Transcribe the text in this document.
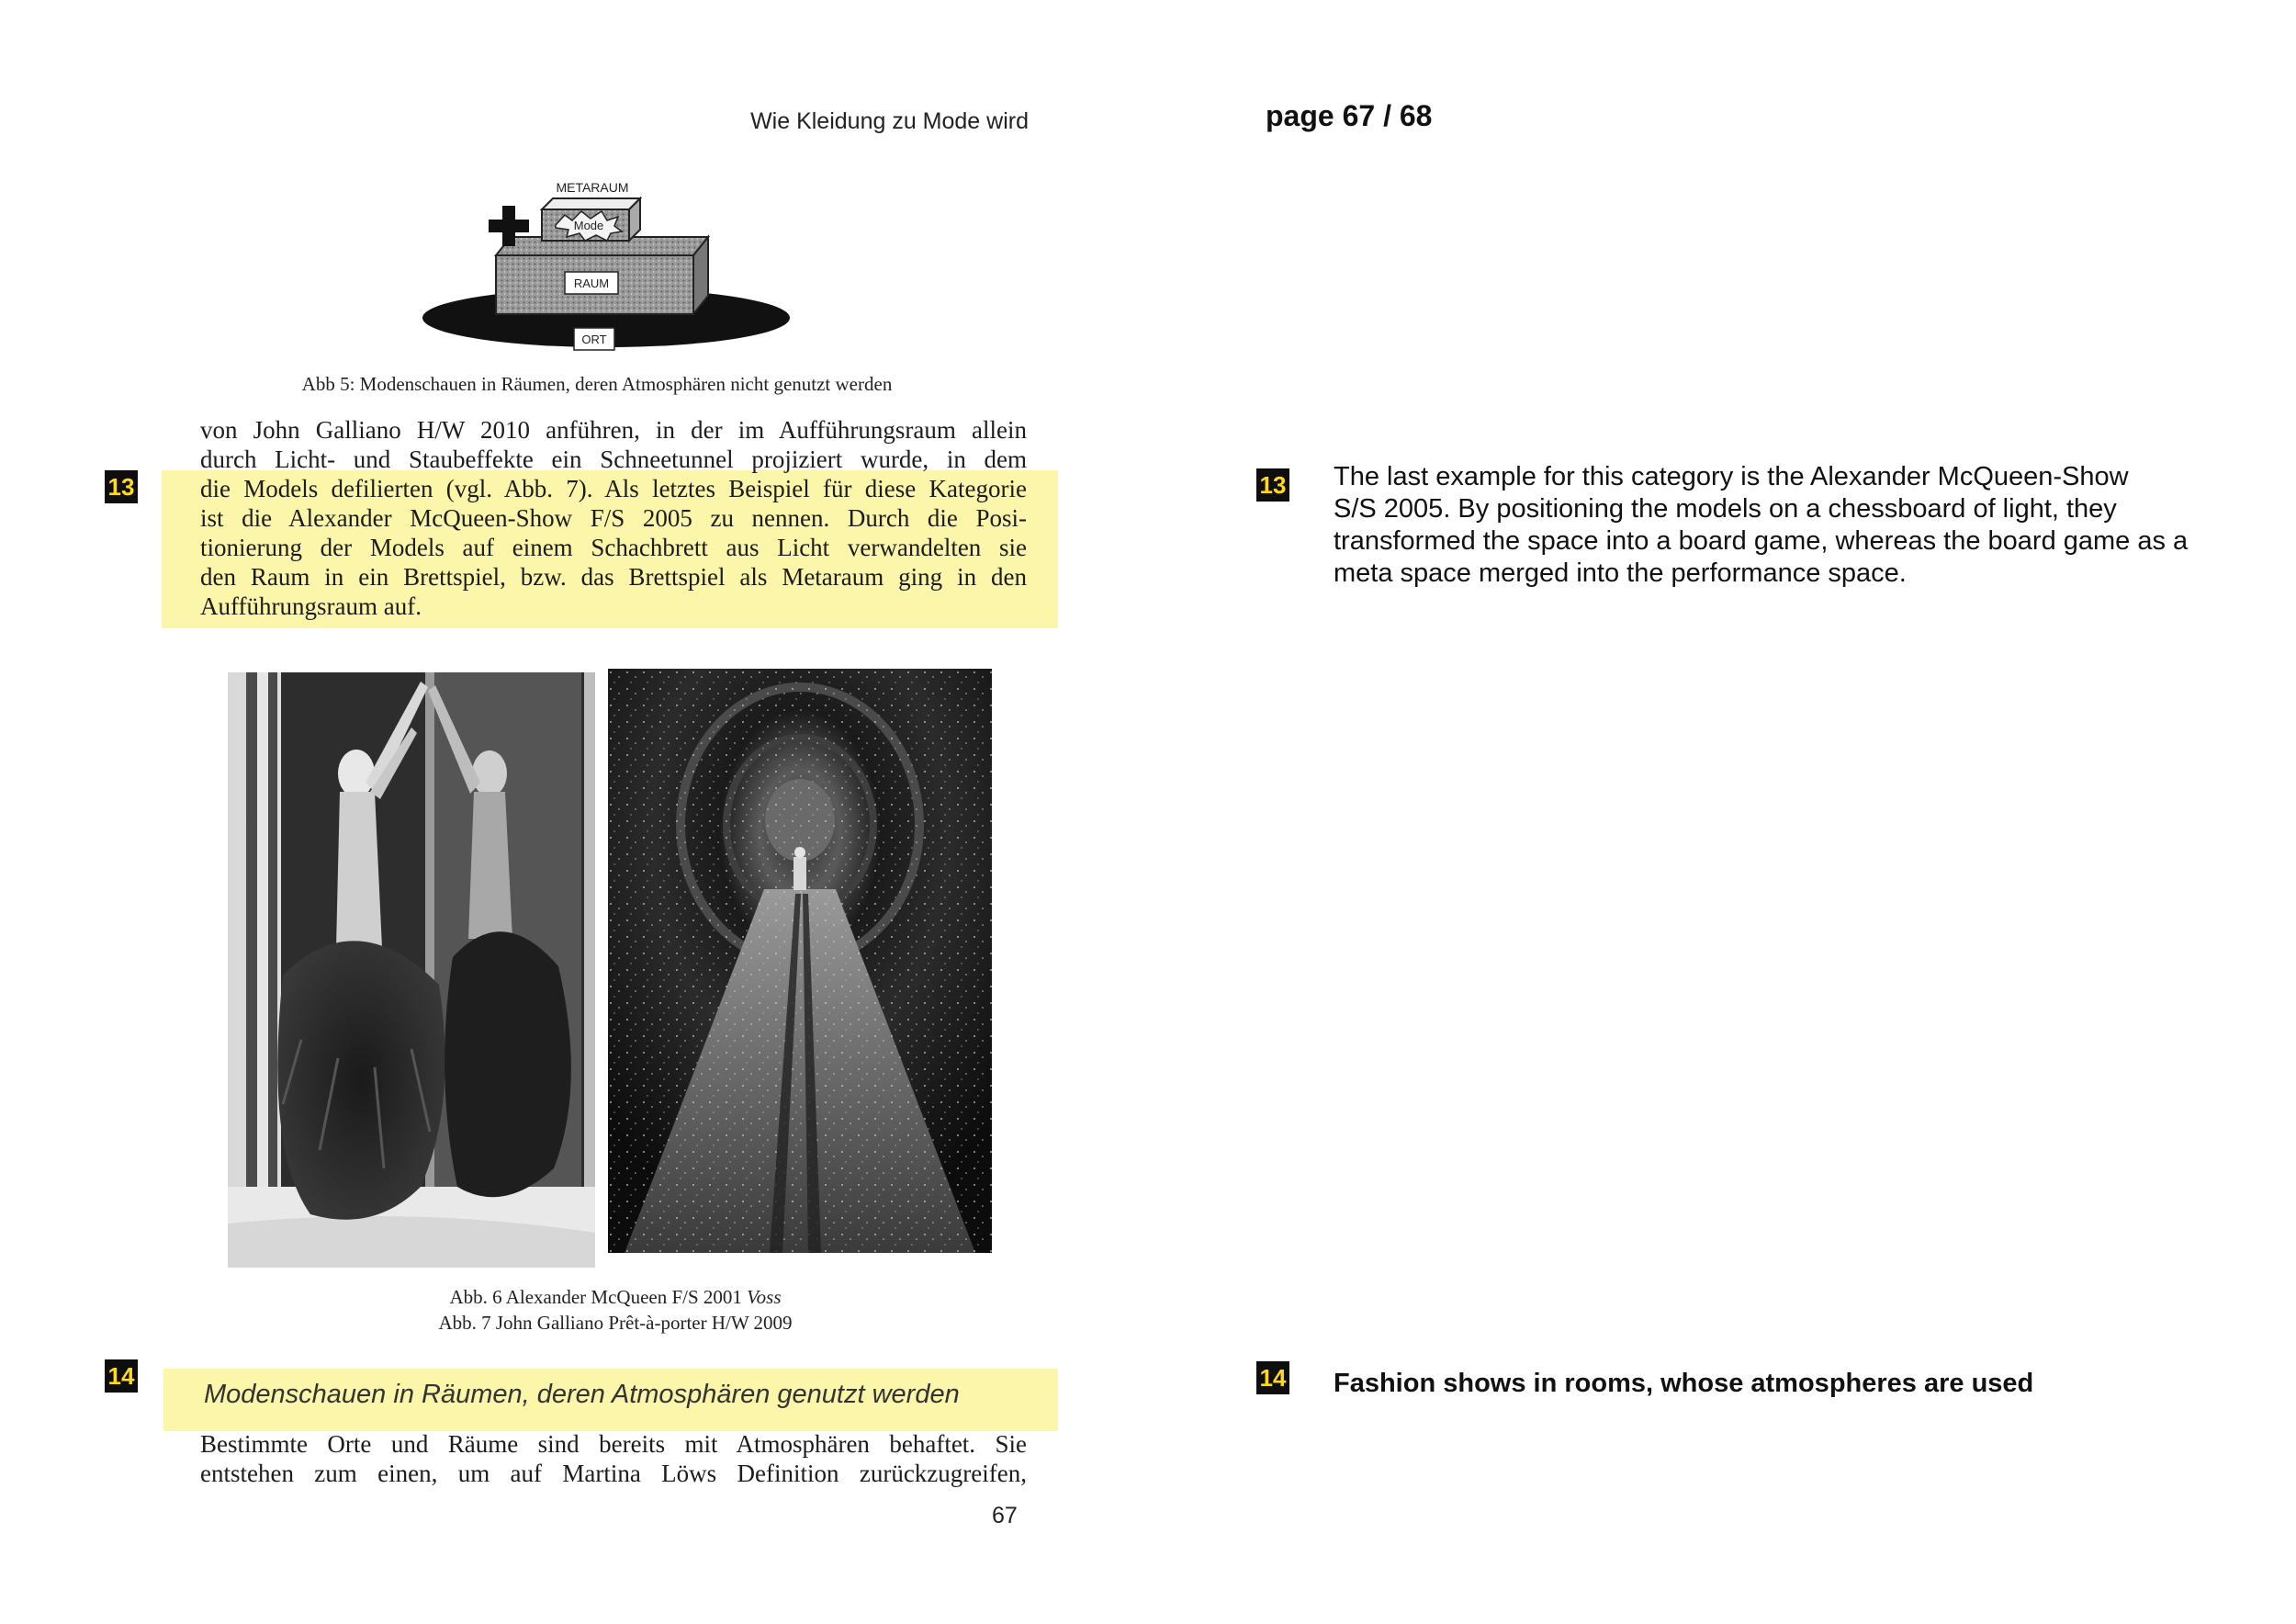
Wie Kleidung zu Mode wird
METARAUM
Mode
RAUM
ORT
Abb 5: Modenschauen in Räumen, deren Atmosphären nicht genutzt werden
13
von John Galliano H/W 2010 anführen, in der im Aufführungsraum allein
durch Licht- und Staubeffekte ein Schneetunnel projiziert wurde, in dem
die Models defilierten (vgl. Abb. 7). Als letztes Beispiel für diese Kategorie
ist die Alexander McQueen-Show F/S 2005 zu nennen. Durch die Posi-
tionierung der Models auf einem Schachbrett aus Licht verwandelten sie
den Raum in ein Brettspiel, bzw. das Brettspiel als Metaraum ging in den
Aufführungsraum auf.
Abb. 6 Alexander McQueen F/S 2001 Voss
Abb. 7 John Galliano Prêt-à-porter H/W 2009
14
Modenschauen in Räumen, deren Atmosphären genutzt werden
Bestimmte Orte und Räume sind bereits mit Atmosphären behaftet. Sie
entstehen zum einen, um auf Martina Löws Definition zurückzugreifen,
67
page 67 / 68
13 The last example for this category is the Alexander McQueen-Show
S/S 2005. By positioning the models on a chessboard of light, they
transformed the space into a board game, whereas the board game as a
meta space merged into the performance space.
14 Fashion shows in rooms, whose atmospheres are used
